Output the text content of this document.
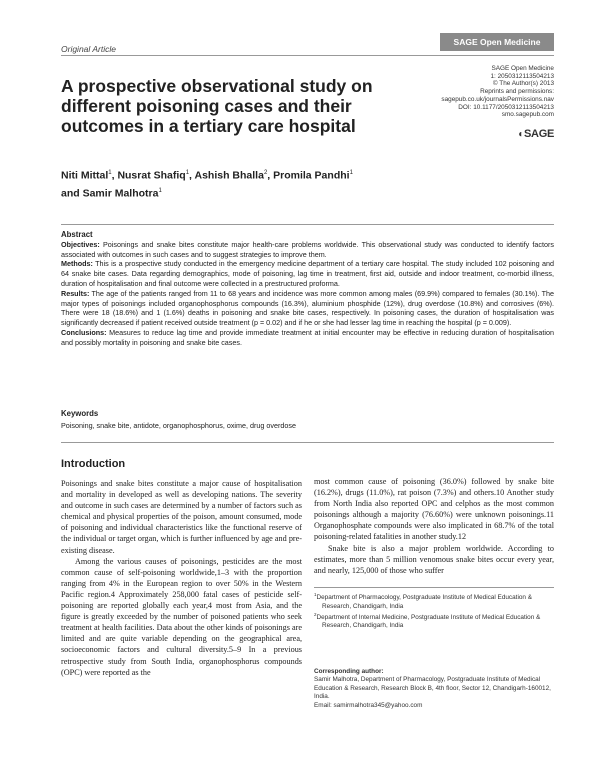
Original Article
SAGE Open Medicine
A prospective observational study on different poisoning cases and their outcomes in a tertiary care hospital
SAGE Open Medicine
1: 2050312113504213
© The Author(s) 2013
Reprints and permissions:
sagepub.co.uk/journalsPermissions.nav
DOI: 10.1177/2050312113504213
smo.sagepub.com
◐SAGE
Niti Mittal$^1$, Nusrat Shafiq$^1$, Ashish Bhalla$^2$, Promila Pandhi$^1$
and Samir Malhotra$^1$

Abstract

Objectives: Poisonings and snake bites constitute major health-care problems worldwide. This observational study was conducted to identify factors associated with outcomes in such cases and to suggest strategies to improve them.

Methods: This is a prospective study conducted in the emergency medicine department of a tertiary care hospital. The study included 102 poisoning and 64 snake bite cases. Data regarding demographics, mode of poisoning, lag time in treatment, first aid, outside and indoor treatment, co-morbid illness, duration of hospitalisation and final outcome were collected in a prestructured proforma.

Results: The age of the patients ranged from 11 to 68 years and incidence was more common among males (69.9%) compared to females (30.1%). The major types of poisonings included organophosphorus compounds (16.3%), aluminium phosphide (12%), drug overdose (10.8%) and corrosives (6%). There were 18 (18.6%) and 1 (1.6%) deaths in poisoning and snake bite cases, respectively. In poisoning cases, the duration of hospitalisation was significantly decreased if patient received outside treatment (p = 0.02) and if he or she had lesser lag time in reaching the hospital (p = 0.009).

Conclusions: Measures to reduce lag time and provide immediate treatment at initial encounter may be effective in reducing duration of hospitalisation and possibly mortality in poisoning and snake bite cases.

Keywords
Poisoning, snake bite, antidote, organophosphorus, oxime, drug overdose
Introduction

Poisonings and snake bites constitute a major cause of hospitalisation and mortality in developed as well as developing nations. The severity and outcome in such cases are determined by a number of factors such as chemical and physical properties of the poison, amount consumed, mode of poisoning and individual characteristics like the functional reserve of the individual or target organ, which is further influenced by age and pre-existing disease.

Among the various causes of poisonings, pesticides are the most common cause of self-poisoning worldwide,1–3 with the proportion ranging from 4% in the European region to over 50% in the Western Pacific region.4 Approximately 258,000 fatal cases of pesticide self-poisoning are reported globally each year,4 most from Asia, and the figure is greatly exceeded by the number of poisoned patients who seek treatment at health facilities. Data about the other kinds of poisonings are limited and are quite variable depending on the geographical area, socioeconomic factors and cultural diversity.5–9 In a previous retrospective study from South India, organophosphorus compounds (OPC) were reported as the

most common cause of poisoning (36.0%) followed by snake bite (16.2%), drugs (11.0%), rat poison (7.3%) and others.10 Another study from North India also reported OPC and celphos as the most common poisonings although a majority (76.60%) were unknown poisonings.11 Organophosphate compounds were also implicated in 68.7% of the total poisoning-related fatalities in another study.12

Snake bite is also a major problem worldwide. According to estimates, more than 5 million venomous snake bites occur every year, and nearly, 125,000 of those who suffer

$^1$Department of Pharmacology, Postgraduate Institute of Medical Education & Research, Chandigarh, India
$^2$Department of Internal Medicine, Postgraduate Institute of Medical Education & Research, Chandigarh, India
Corresponding author:
Samir Malhotra, Department of Pharmacology, Postgraduate Institute of Medical Education & Research, Research Block B, 4th floor, Sector 12, Chandigarh-160012, India.
Email: samirmalhotra345@yahoo.com
